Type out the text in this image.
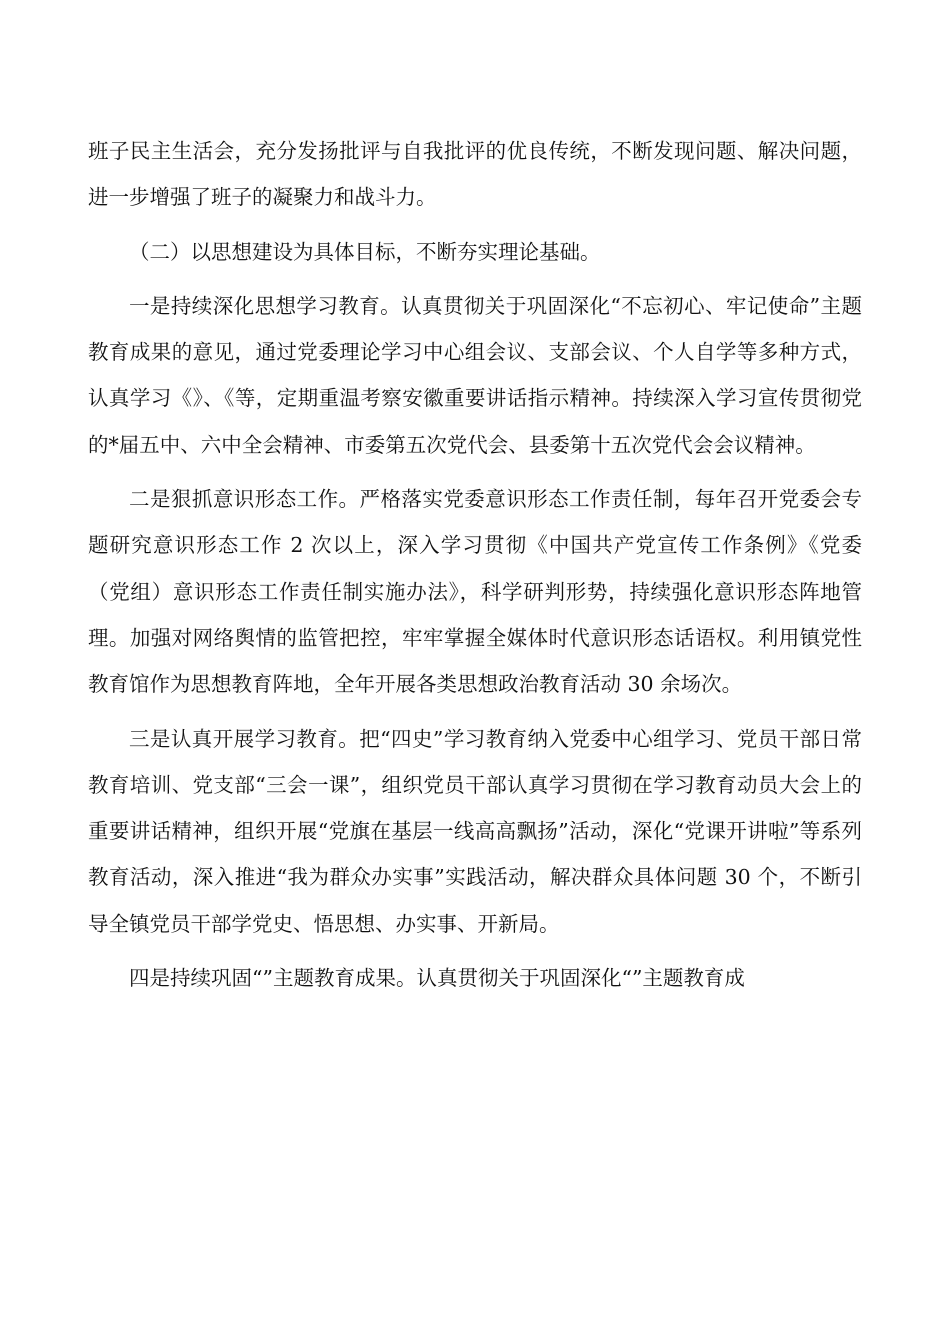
班子民主生活会，充分发扬批评与自我批评的优良传统，不断发现问题、解决问题，进一步增强了班子的凝聚力和战斗力。

（二）以思想建设为具体目标，不断夯实理论基础。

一是持续深化思想学习教育。认真贯彻关于巩固深化“不忘初心、牢记使命”主题教育成果的意见，通过党委理论学习中心组会议、支部会议、个人自学等多种方式，认真学习《》、《等，定期重温考察安徽重要讲话指示精神。持续深入学习宣传贯彻党的*届五中、六中全会精神、市委第五次党代会、县委第十五次党代会会议精神。

二是狠抓意识形态工作。严格落实党委意识形态工作责任制，每年召开党委会专题研究意识形态工作 2 次以上，深入学习贯彻《中国共产党宣传工作条例》《党委（党组）意识形态工作责任制实施办法》，科学研判形势，持续强化意识形态阵地管理。加强对网络舆情的监管把控，牢牢掌握全媒体时代意识形态话语权。利用镇党性教育馆作为思想教育阵地，全年开展各类思想政治教育活动 30 余场次。

三是认真开展学习教育。把“四史”学习教育纳入党委中心组学习、党员干部日常教育培训、党支部“三会一课”，组织党员干部认真学习贯彻在学习教育动员大会上的重要讲话精神，组织开展“党旗在基层一线高高飘扬”活动，深化“党课开讲啦”等系列教育活动，深入推进“我为群众办实事”实践活动，解决群众具体问题 30 个，不断引导全镇党员干部学党史、悟思想、办实事、开新局。

四是持续巩固“”主题教育成果。认真贯彻关于巩固深化“”主题教育成
